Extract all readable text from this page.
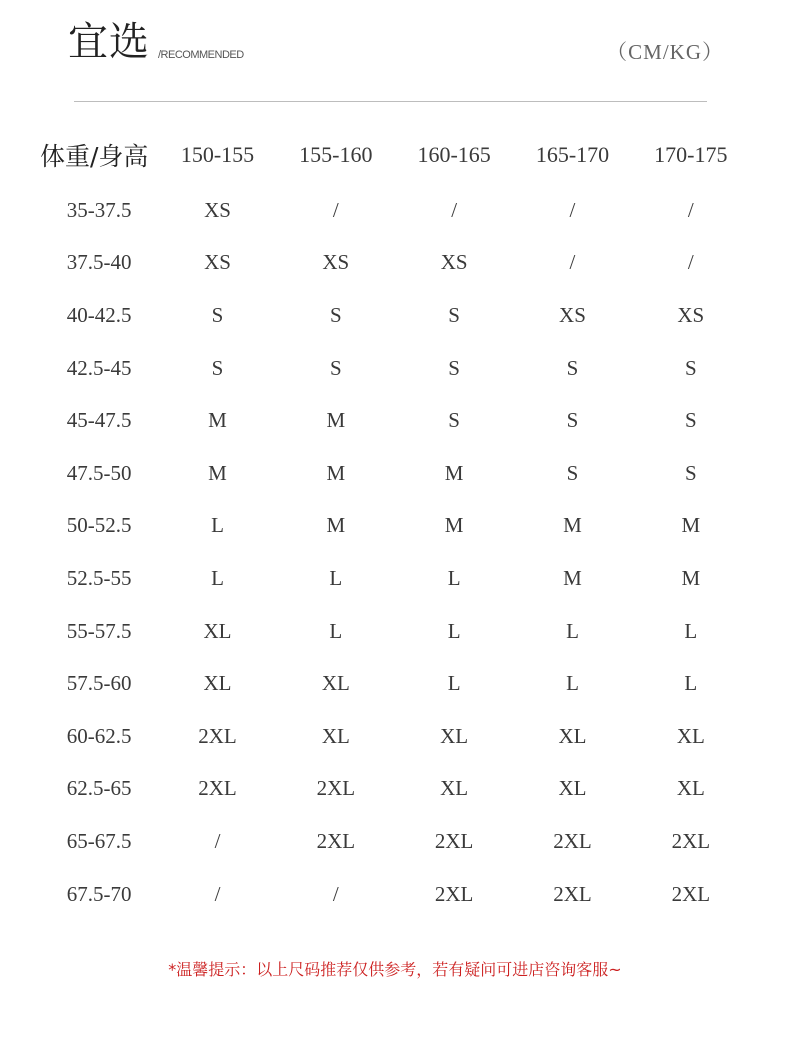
宜选 /RECOMMENDED	（CM/KG）
体重/身高	150-155	155-160	160-165	165-170	170-175
35-37.5	XS	/	/	/	/
37.5-40	XS	XS	XS	/	/
40-42.5	S	S	S	XS	XS
42.5-45	S	S	S	S	S
45-47.5	M	M	S	S	S
47.5-50	M	M	M	S	S
50-52.5	L	M	M	M	M
52.5-55	L	L	L	M	M
55-57.5	XL	L	L	L	L
57.5-60	XL	XL	L	L	L
60-62.5	2XL	XL	XL	XL	XL
62.5-65	2XL	2XL	XL	XL	XL
65-67.5	/	2XL	2XL	2XL	2XL
67.5-70	/	/	2XL	2XL	2XL
*温馨提示：以上尺码推荐仅供参考，若有疑问可进店咨询客服~
